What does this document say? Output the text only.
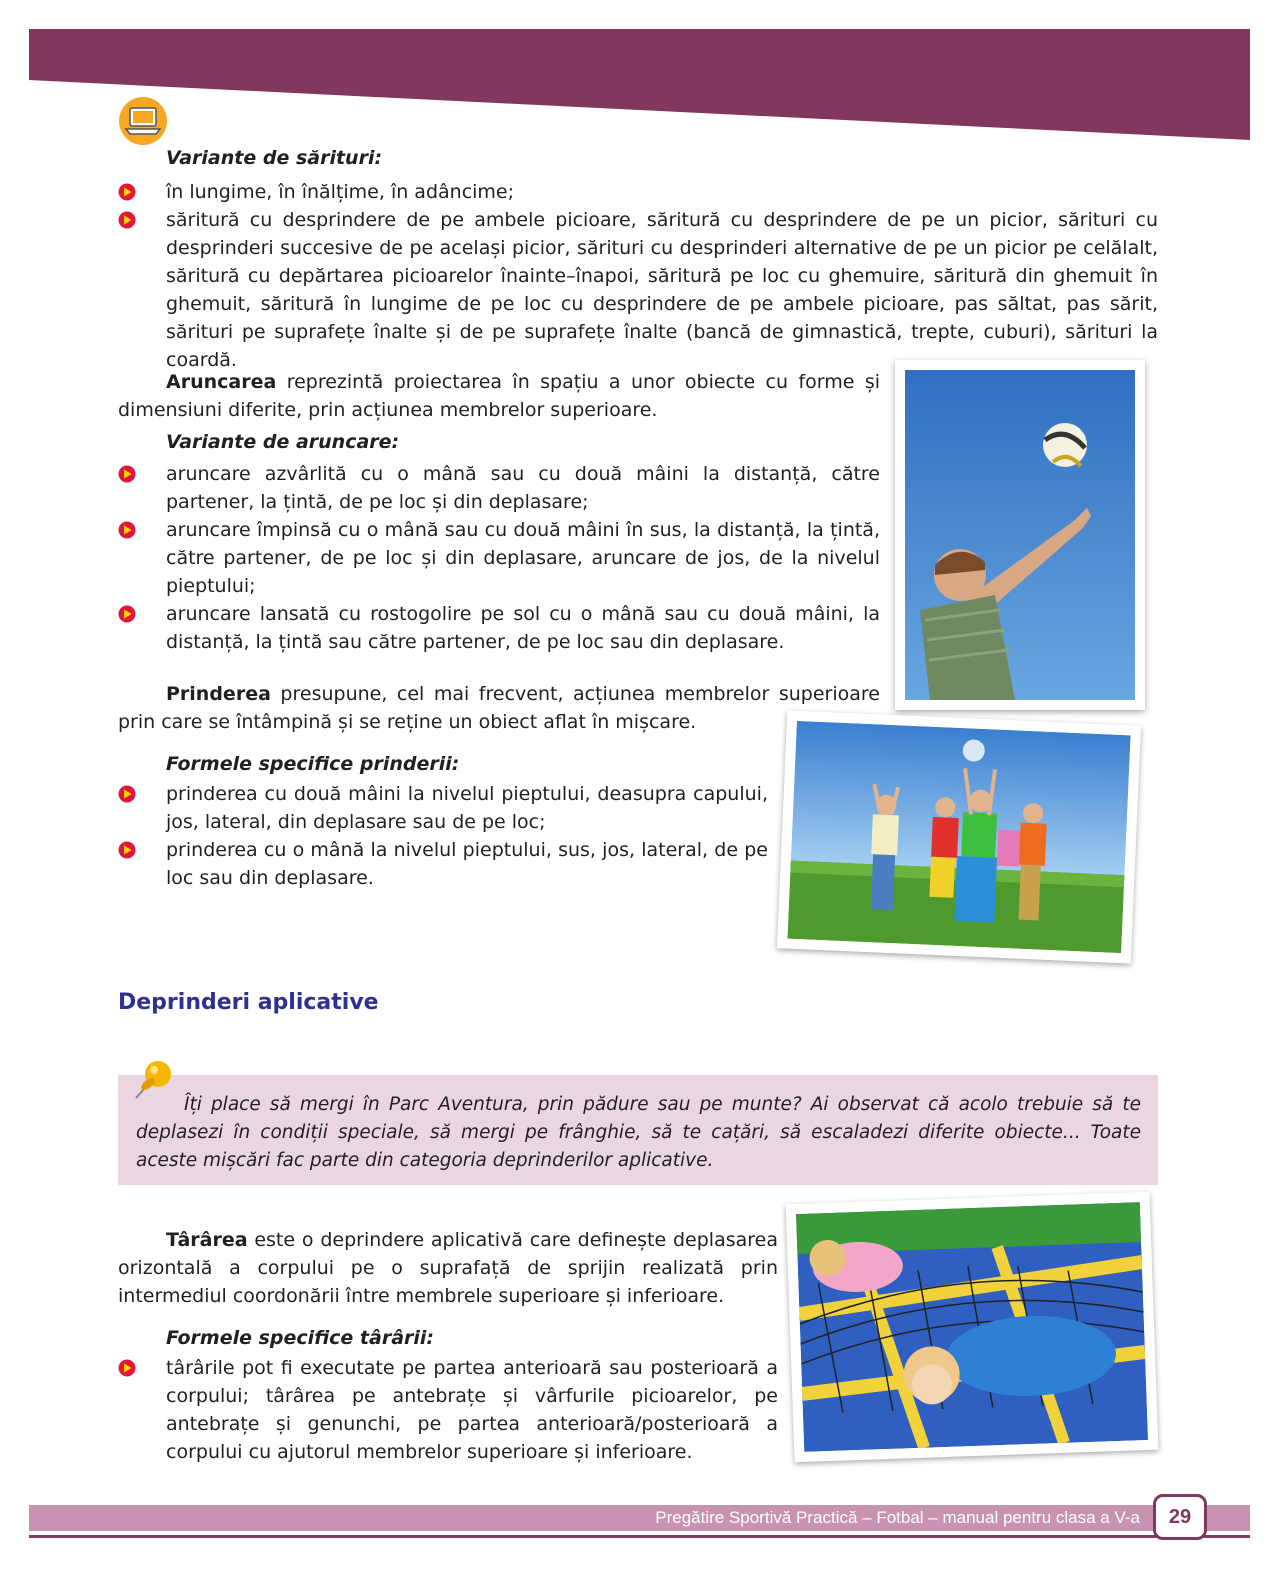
Variante de sărituri:
în lungime, în înălțime, în adâncime;
săritură cu desprindere de pe ambele picioare, săritură cu desprindere de pe un picior, sărituri cu desprinderi succesive de pe același picior, sărituri cu desprinderi alternative de pe un picior pe celălalt, săritură cu depărtarea picioarelor înainte–înapoi, săritură pe loc cu ghemuire, săritură din ghemuit în ghemuit, săritură în lungime de pe loc cu desprindere de pe ambele picioare, pas săltat, pas sărit, sărituri pe suprafețe înalte și de pe suprafețe înalte (bancă de gimnastică, trepte, cuburi), sărituri la coardă.
Aruncarea reprezintă proiectarea în spațiu a unor obiecte cu forme și dimensiuni diferite, prin acțiunea membrelor superioare.
Variante de aruncare:
aruncare azvârlită cu o mână sau cu două mâini la distanță, către partener, la țintă, de pe loc și din deplasare;
aruncare împinsă cu o mână sau cu două mâini în sus, la distanță, la țintă, către partener, de pe loc și din deplasare, aruncare de jos, de la nivelul pieptului;
aruncare lansată cu rostogolire pe sol cu o mână sau cu două mâini, la distanță, la țintă sau către partener, de pe loc sau din deplasare.
Prinderea presupune, cel mai frecvent, acțiunea membrelor superioare prin care se întâmpină și se reține un obiect aflat în mișcare.
Formele specifice prinderii:
prinderea cu două mâini la nivelul pieptului, deasupra capului, jos, lateral, din deplasare sau de pe loc;
prinderea cu o mână la nivelul pieptului, sus, jos, lateral, de pe loc sau din deplasare.
Deprinderi aplicative
Îți place să mergi în Parc Aventura, prin pădure sau pe munte? Ai observat că acolo trebuie să te deplasezi în condiții speciale, să mergi pe frânghie, să te cațări, să escaladezi diferite obiecte... Toate aceste mișcări fac parte din categoria deprinderilor aplicative.
Târârea este o deprindere aplicativă care definește deplasarea orizontală a corpului pe o suprafață de sprijin realizată prin intermediul coordonării între membrele superioare și inferioare.
Formele specifice târârii:
târârile pot fi executate pe partea anterioară sau posterioară a corpului; târârea pe antebrațe și vârfurile picioarelor, pe antebrațe și genunchi, pe partea anterioară/posterioară a corpului cu ajutorul membrelor superioare și inferioare.
Pregătire Sportivă Practică – Fotbal – manual pentru clasa a V-a	29
